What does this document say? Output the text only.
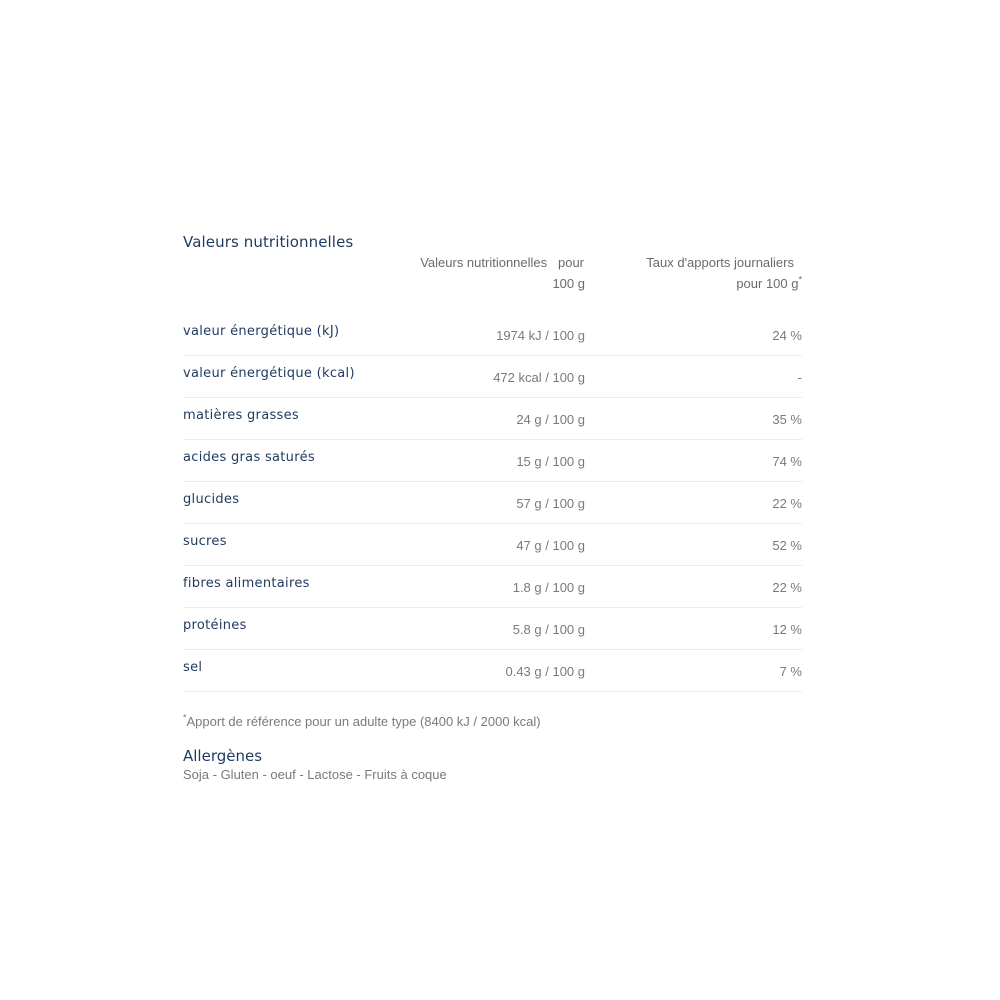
Valeurs nutritionnelles
Valeurs nutritionnelles   pour
100 g
Taux d'apports journaliers
pour 100 g*
valeur énergétique (kJ)	1974 kJ / 100 g	24 %
valeur énergétique (kcal)	472 kcal / 100 g	-
matières grasses	24 g / 100 g	35 %
acides gras saturés	15 g / 100 g	74 %
glucides	57 g / 100 g	22 %
sucres	47 g / 100 g	52 %
fibres alimentaires	1.8 g / 100 g	22 %
protéines	5.8 g / 100 g	12 %
sel	0.43 g / 100 g	7 %
*Apport de référence pour un adulte type (8400 kJ / 2000 kcal)
Allergènes
Soja - Gluten - oeuf - Lactose - Fruits à coque
